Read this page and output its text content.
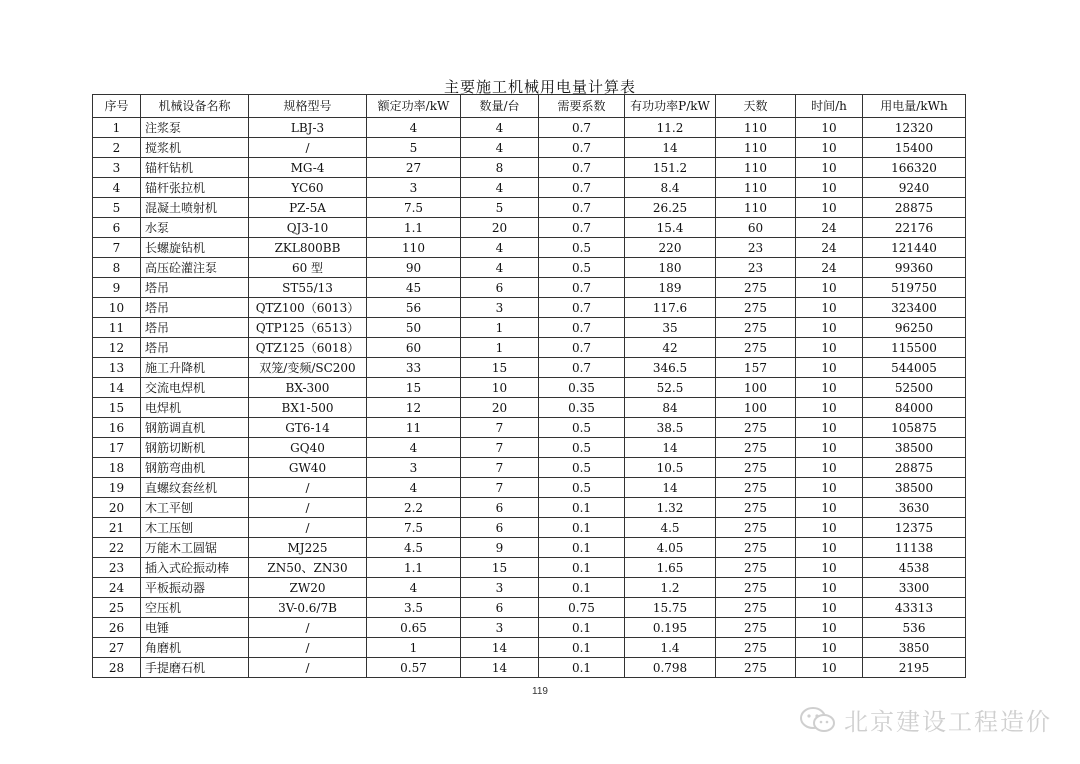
主要施工机械用电量计算表
序号	机械设备名称	规格型号	额定功率/kW	数量/台	需要系数	有功功率P/kW	天数	时间/h	用电量/kWh
1	注浆泵	LBJ-3	4	4	0.7	11.2	110	10	12320
2	搅浆机	/	5	4	0.7	14	110	10	15400
3	锚杆钻机	MG-4	27	8	0.7	151.2	110	10	166320
4	锚杆张拉机	YC60	3	4	0.7	8.4	110	10	9240
5	混凝土喷射机	PZ-5A	7.5	5	0.7	26.25	110	10	28875
6	水泵	QJ3-10	1.1	20	0.7	15.4	60	24	22176
7	长螺旋钻机	ZKL800BB	110	4	0.5	220	23	24	121440
8	高压砼灌注泵	60 型	90	4	0.5	180	23	24	99360
9	塔吊	ST55/13	45	6	0.7	189	275	10	519750
10	塔吊	QTZ100（6013）	56	3	0.7	117.6	275	10	323400
11	塔吊	QTP125（6513）	50	1	0.7	35	275	10	96250
12	塔吊	QTZ125（6018）	60	1	0.7	42	275	10	115500
13	施工升降机	双笼/变频/SC200	33	15	0.7	346.5	157	10	544005
14	交流电焊机	BX-300	15	10	0.35	52.5	100	10	52500
15	电焊机	BX1-500	12	20	0.35	84	100	10	84000
16	钢筋调直机	GT6-14	11	7	0.5	38.5	275	10	105875
17	钢筋切断机	GQ40	4	7	0.5	14	275	10	38500
18	钢筋弯曲机	GW40	3	7	0.5	10.5	275	10	28875
19	直螺纹套丝机	/	4	7	0.5	14	275	10	38500
20	木工平刨	/	2.2	6	0.1	1.32	275	10	3630
21	木工压刨	/	7.5	6	0.1	4.5	275	10	12375
22	万能木工圆锯	MJ225	4.5	9	0.1	4.05	275	10	11138
23	插入式砼振动棒	ZN50、ZN30	1.1	15	0.1	1.65	275	10	4538
24	平板振动器	ZW20	4	3	0.1	1.2	275	10	3300
25	空压机	3V-0.6/7B	3.5	6	0.75	15.75	275	10	43313
26	电锤	/	0.65	3	0.1	0.195	275	10	536
27	角磨机	/	1	14	0.1	1.4	275	10	3850
28	手提磨石机	/	0.57	14	0.1	0.798	275	10	2195
119
北京建设工程造价
